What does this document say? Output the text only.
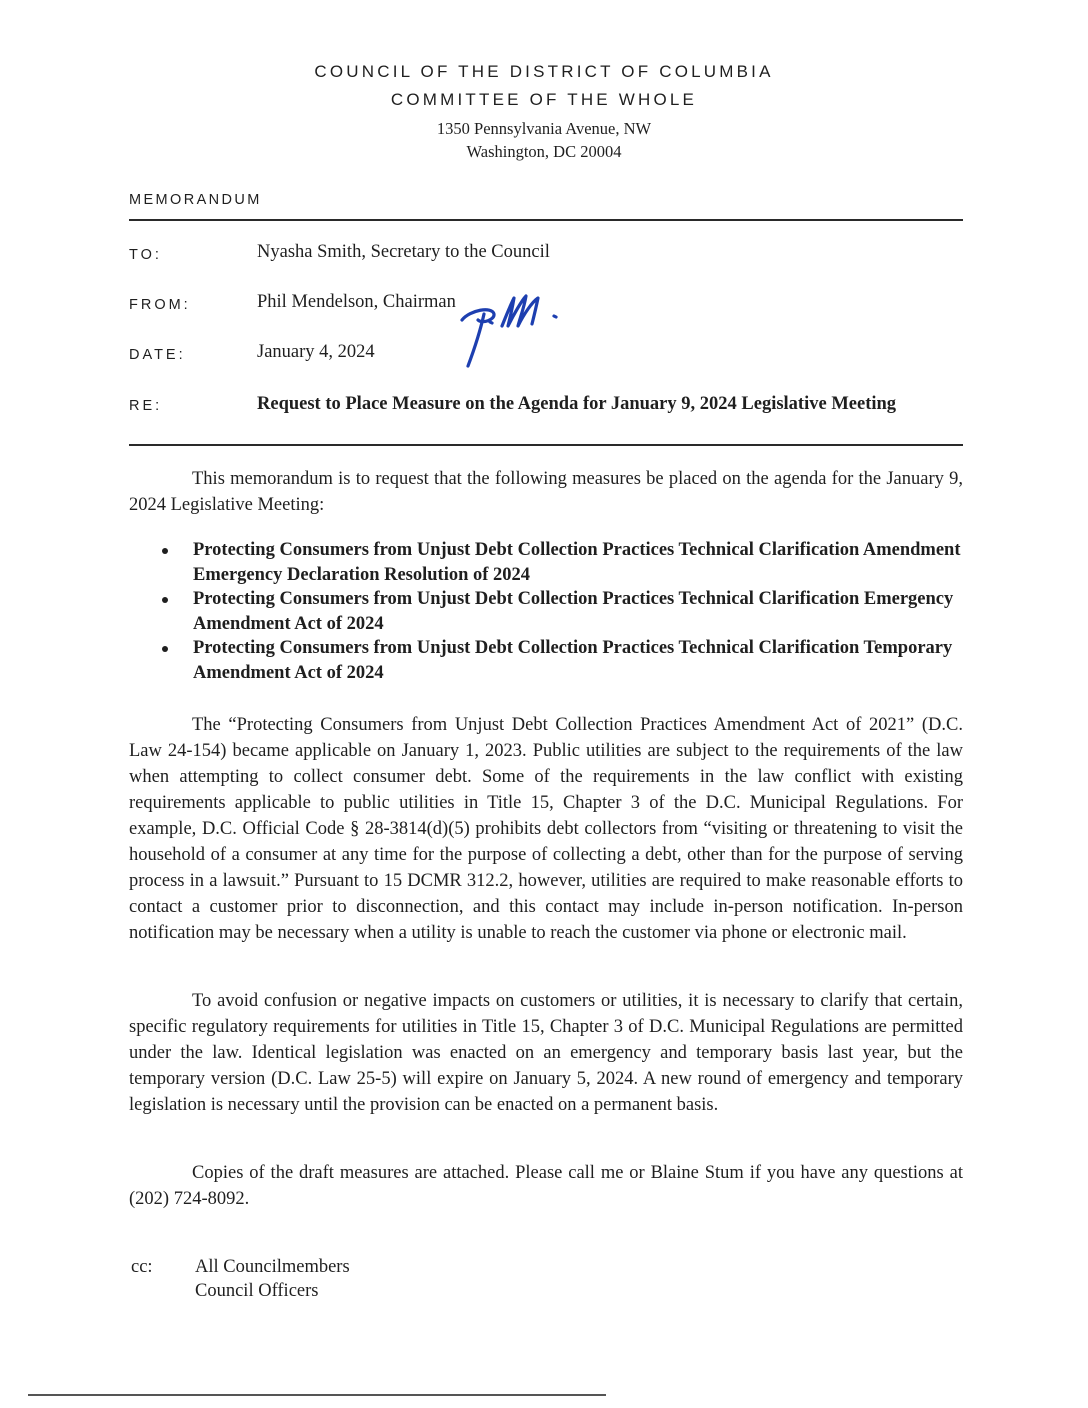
COUNCIL OF THE DISTRICT OF COLUMBIA
COMMITTEE OF THE WHOLE
1350 Pennsylvania Avenue, NW
Washington, DC 20004
MEMORANDUM
TO:	Nyasha Smith, Secretary to the Council
FROM:	Phil Mendelson, Chairman
DATE:	January 4, 2024
RE:	Request to Place Measure on the Agenda for January 9, 2024 Legislative Meeting

This memorandum is to request that the following measures be placed on the agenda for the January 9, 2024 Legislative Meeting:

Protecting Consumers from Unjust Debt Collection Practices Technical Clarification Amendment Emergency Declaration Resolution of 2024
Protecting Consumers from Unjust Debt Collection Practices Technical Clarification Emergency Amendment Act of 2024
Protecting Consumers from Unjust Debt Collection Practices Technical Clarification Temporary Amendment Act of 2024

The “Protecting Consumers from Unjust Debt Collection Practices Amendment Act of 2021” (D.C. Law 24-154) became applicable on January 1, 2023. Public utilities are subject to the requirements of the law when attempting to collect consumer debt. Some of the requirements in the law conflict with existing requirements applicable to public utilities in Title 15, Chapter 3 of the D.C. Municipal Regulations. For example, D.C. Official Code § 28-3814(d)(5) prohibits debt collectors from “visiting or threatening to visit the household of a consumer at any time for the purpose of collecting a debt, other than for the purpose of serving process in a lawsuit.” Pursuant to 15 DCMR 312.2, however, utilities are required to make reasonable efforts to contact a customer prior to disconnection, and this contact may include in-person notification. In-person notification may be necessary when a utility is unable to reach the customer via phone or electronic mail.

To avoid confusion or negative impacts on customers or utilities, it is necessary to clarify that certain, specific regulatory requirements for utilities in Title 15, Chapter 3 of D.C. Municipal Regulations are permitted under the law. Identical legislation was enacted on an emergency and temporary basis last year, but the temporary version (D.C. Law 25-5) will expire on January 5, 2024. A new round of emergency and temporary legislation is necessary until the provision can be enacted on a permanent basis.

Copies of the draft measures are attached. Please call me or Blaine Stum if you have any questions at (202) 724-8092.

cc: All Councilmembers
Council Officers
